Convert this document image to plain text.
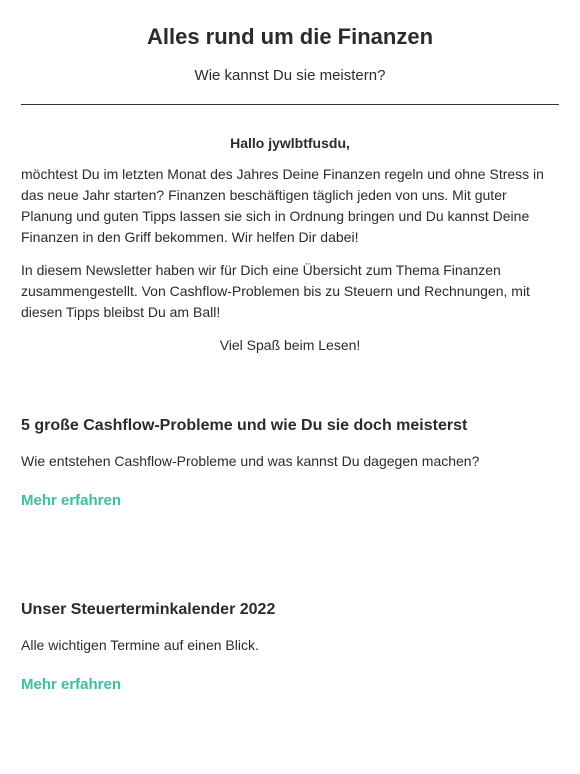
Alles rund um die Finanzen

Wie kannst Du sie meistern?

Hallo jywlbtfusdu,

möchtest Du im letzten Monat des Jahres Deine Finanzen regeln und ohne Stress in das neue Jahr starten? Finanzen beschäftigen täglich jeden von uns. Mit guter Planung und guten Tipps lassen sie sich in Ordnung bringen und Du kannst Deine Finanzen in den Griff bekommen. Wir helfen Dir dabei!

In diesem Newsletter haben wir für Dich eine Übersicht zum Thema Finanzen zusammengestellt. Von Cashflow-Problemen bis zu Steuern und Rechnungen, mit diesen Tipps bleibst Du am Ball!

Viel Spaß beim Lesen!

5 große Cashflow-Probleme und wie Du sie doch meisterst

Wie entstehen Cashflow-Probleme und was kannst Du dagegen machen?

Mehr erfahren
Unser Steuerterminkalender 2022

Alle wichtigen Termine auf einen Blick.

Mehr erfahren
